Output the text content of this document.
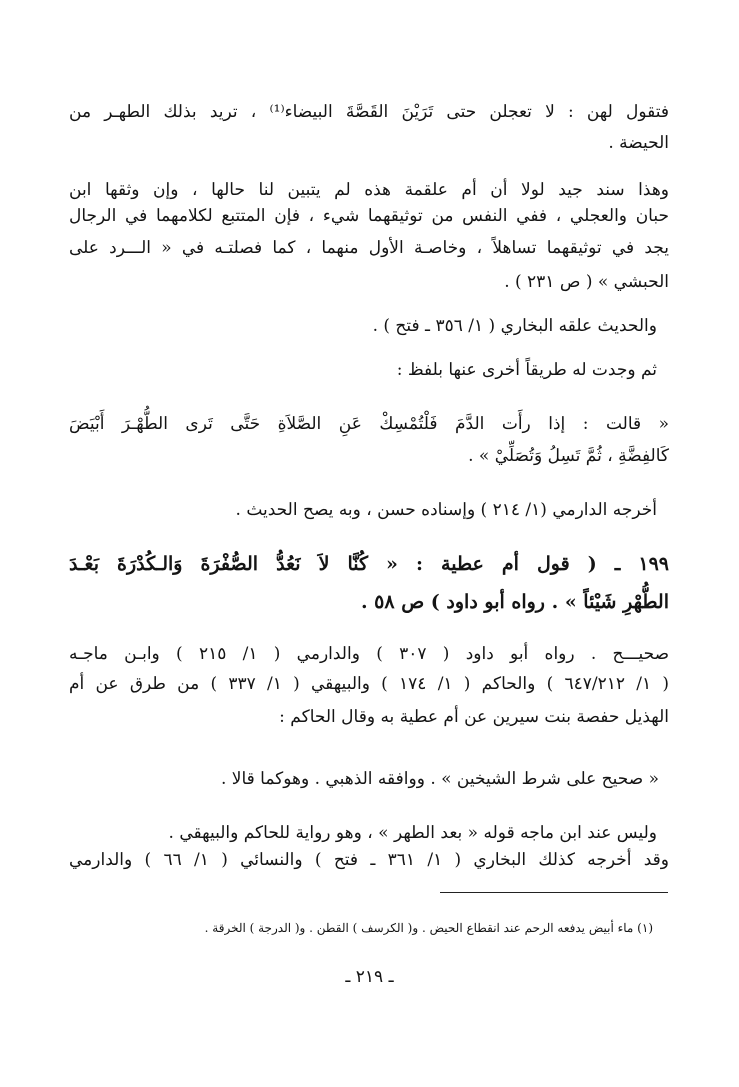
فتقول لهن : لا تعجلن حتى تَرَيْنَ القَصَّةَ البيضاء⁽¹⁾ ، تريد بذلك الطهـر من
الحيضة .
وهذا سند جيد لولا أن أم علقمة هذه لم يتبين لنا حالها ، وإن وثقها ابن
حبان والعجلي ، ففي النفس من توثيقهما شيء ، فإن المتتبع لكلامهما في الرجال
يجد في توثيقهما تساهلاً ، وخاصـة الأول منهما ، كما فصلتـه في « الـــرد على
الحبشي » ( ص ٢٣١ ) .
والحديث علقه البخاري ( ١/ ٣٥٦ ـ فتح ) .
ثم وجدت له طريقاً أخرى عنها بلفظ :
« قالت : إذا رأَت الدَّمَ فَلْتُمْسِكْ عَنِ الصَّلاَةِ حَتَّى تَرى الطُّهْـرَ أَبْيَضَ
كَالفِضَّةِ ، ثُمَّ تَسِلُ وَتُصَلِّيْ » .
أخرجه الدارمي (١/ ٢١٤ ) وإسناده حسن ، وبه يصح الحديث .
١٩٩ ـ ( قول أم عطية : « كُنَّا لاَ نَعُدُّ الصُّفْرَةَ وَالـكُدْرَةَ بَعْـدَ
الطُّهْرِ شَيْئاً » . رواه أبو داود ) ص ٥٨ .
صحيـــح . رواه أبو داود ( ٣٠٧ ) والدارمي ( ١/ ٢١٥ ) وابـن ماجـه
( ١/ ٦٤٧/٢١٢ ) والحاكم ( ١/ ١٧٤ ) والبيهقي ( ١/ ٣٣٧ ) من طرق عن أم
الهذيل حفصة بنت سيرين عن أم عطية به وقال الحاكم :
« صحيح على شرط الشيخين » . ووافقه الذهبي . وهوكما قالا .
وليس عند ابن ماجه قوله « بعد الطهر » ، وهو رواية للحاكم والبيهقي .
وقد أخرجه كذلك البخاري ( ١/ ٣٦١ ـ فتح ) والنسائي ( ١/ ٦٦ ) والدارمي
(١) ماء أبيض يدفعه الرحم عند انقطاع الحيض . و( الكرسف ) القطن . و( الدرجة ) الخرقة .
ـ ٢١٩ ـ
